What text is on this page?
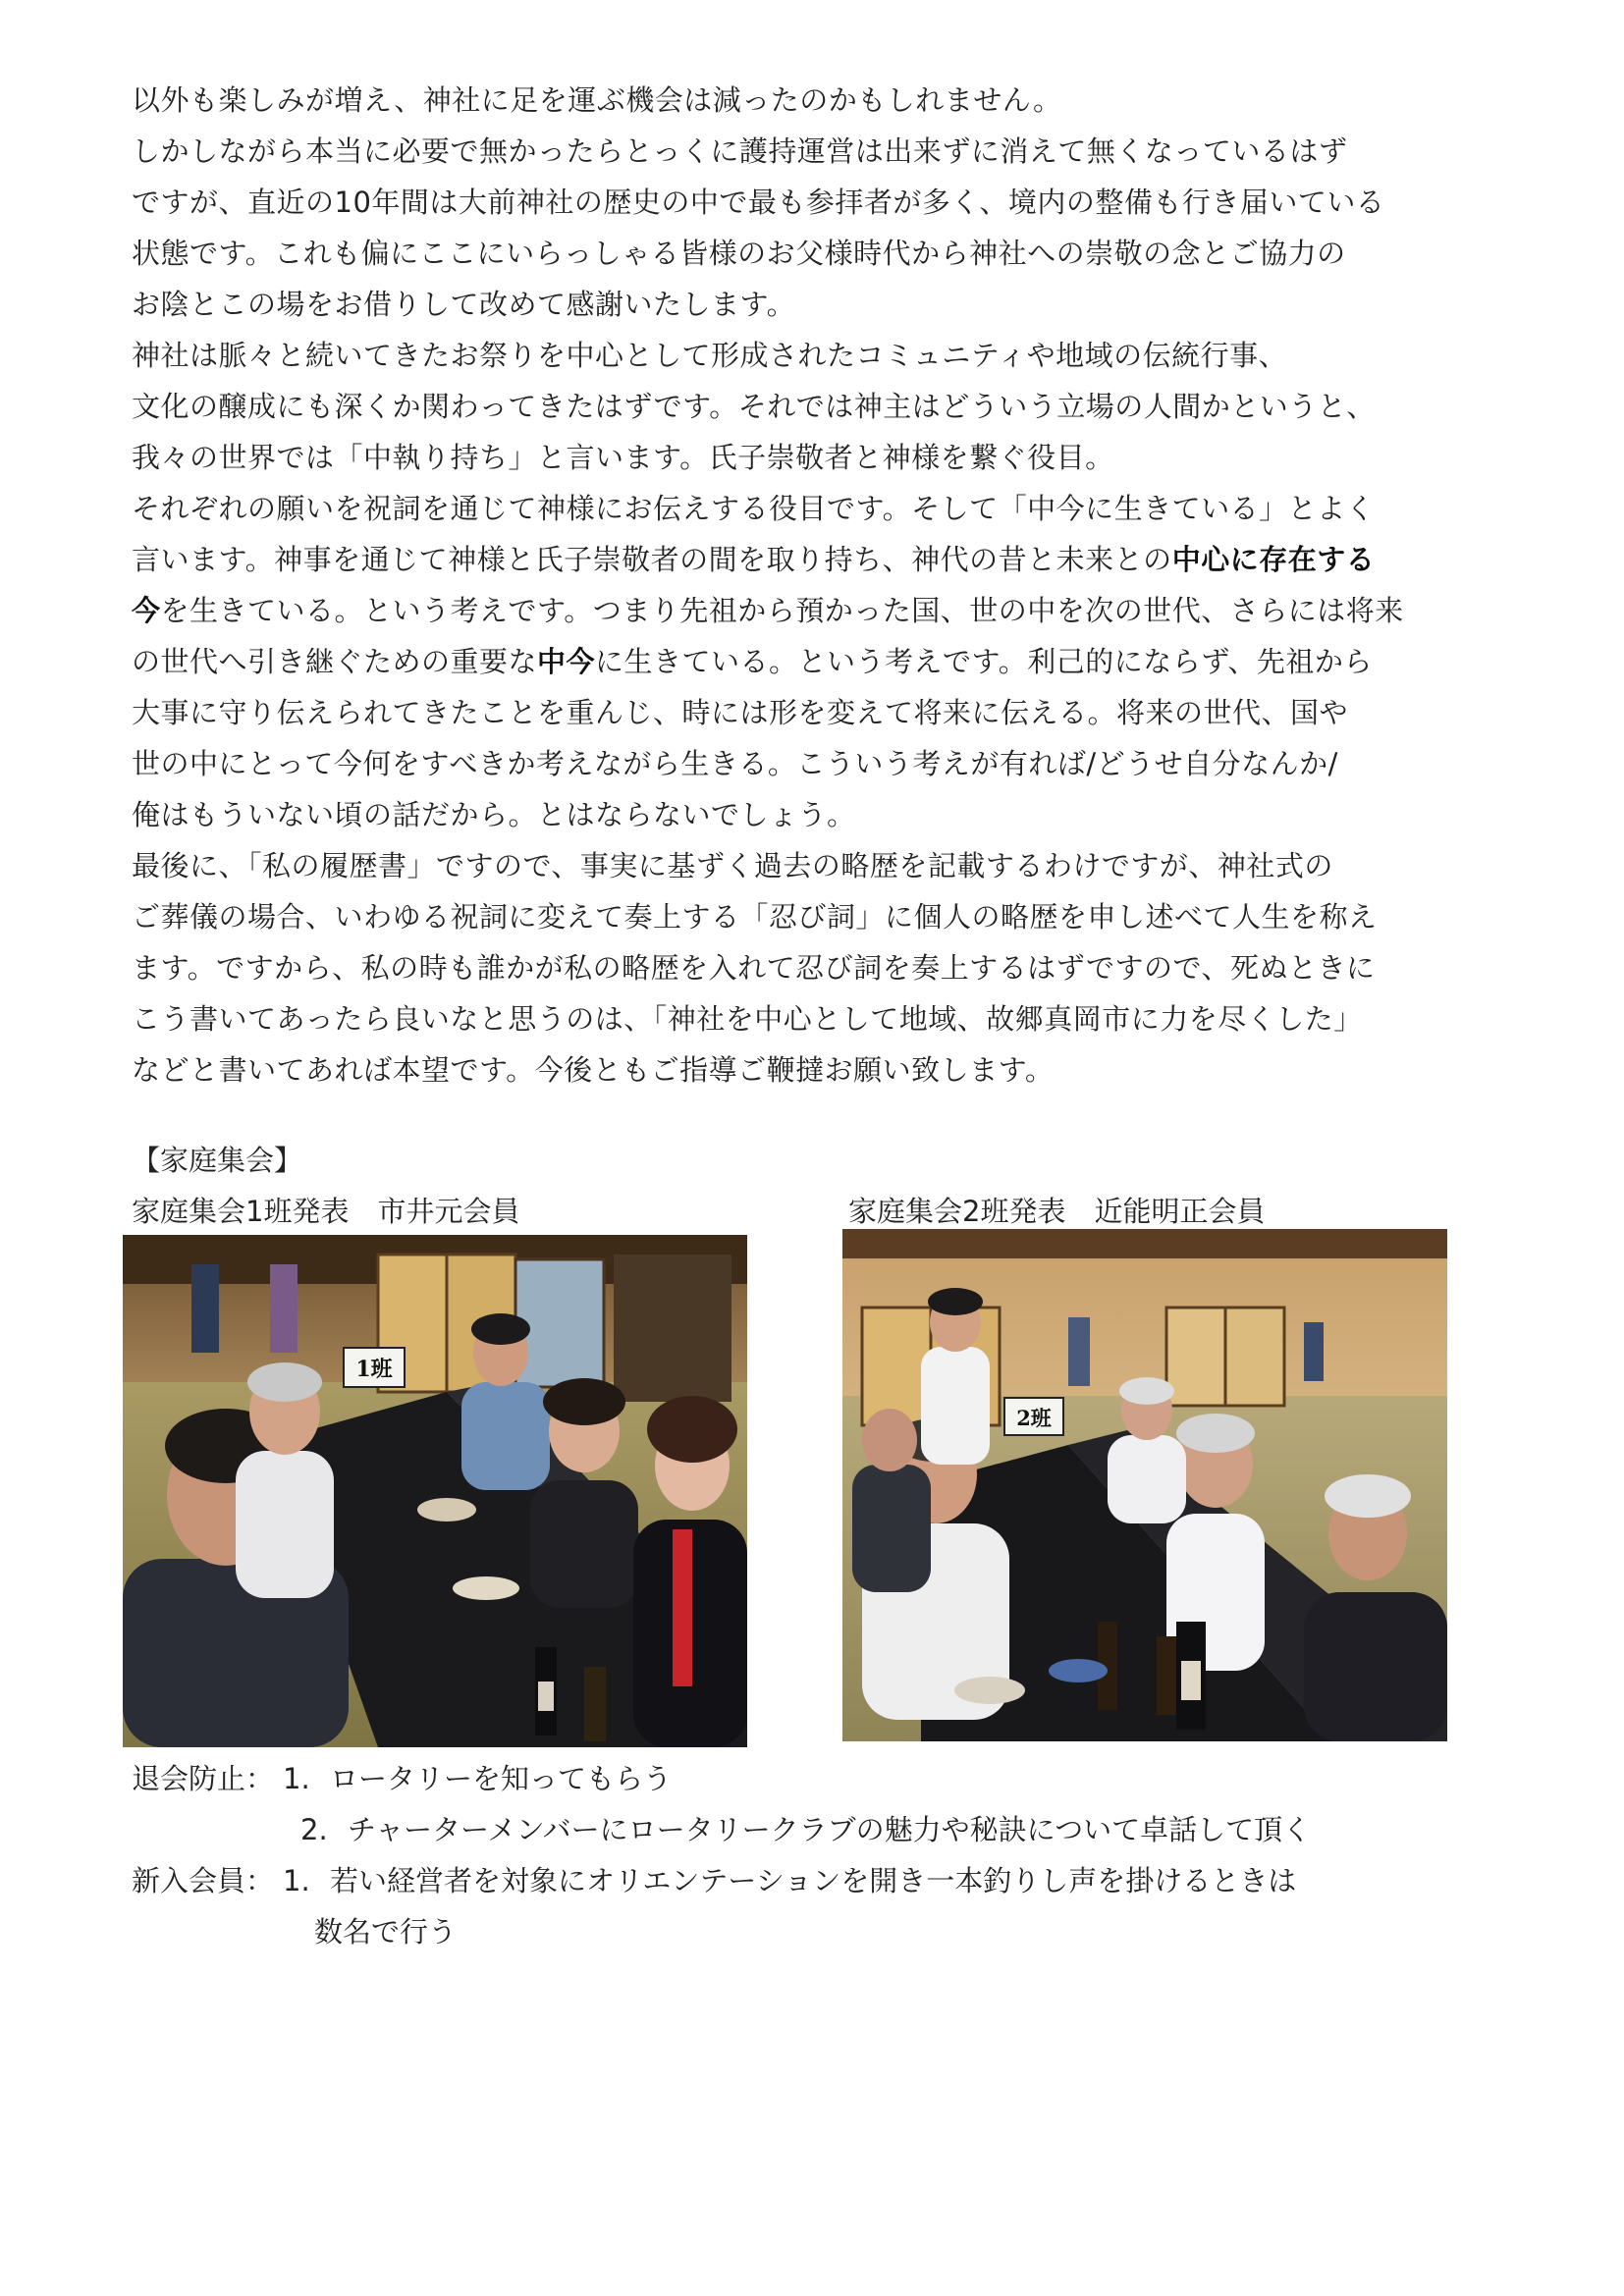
以外も楽しみが増え、神社に足を運ぶ機会は減ったのかもしれません。

しかしながら本当に必要で無かったらとっくに護持運営は出来ずに消えて無くなっているはず

ですが、直近の10年間は大前神社の歴史の中で最も参拝者が多く、境内の整備も行き届いている

状態です。これも偏にここにいらっしゃる皆様のお父様時代から神社への崇敬の念とご協力の

お陰とこの場をお借りして改めて感謝いたします。

神社は脈々と続いてきたお祭りを中心として形成されたコミュニティや地域の伝統行事、

文化の醸成にも深くか関わってきたはずです。それでは神主はどういう立場の人間かというと、

我々の世界では「中執り持ち」と言います。氏子崇敬者と神様を繋ぐ役目。

それぞれの願いを祝詞を通じて神様にお伝えする役目です。そして「中今に生きている」とよく

言います。神事を通じて神様と氏子崇敬者の間を取り持ち、神代の昔と未来との中心に存在する

今を生きている。という考えです。つまり先祖から預かった国、世の中を次の世代、さらには将来

の世代へ引き継ぐための重要な中今に生きている。という考えです。利己的にならず、先祖から

大事に守り伝えられてきたことを重んじ、時には形を変えて将来に伝える。将来の世代、国や

世の中にとって今何をすべきか考えながら生きる。こういう考えが有れば/どうせ自分なんか/

俺はもういない頃の話だから。とはならないでしょう。

最後に、「私の履歴書」ですので、事実に基ずく過去の略歴を記載するわけですが、神社式の

ご葬儀の場合、いわゆる祝詞に変えて奏上する「忍び詞」に個人の略歴を申し述べて人生を称え

ます。ですから、私の時も誰かが私の略歴を入れて忍び詞を奏上するはずですので、死ぬときに

こう書いてあったら良いなと思うのは、「神社を中心として地域、故郷真岡市に力を尽くした」

などと書いてあれば本望です。今後ともご指導ご鞭撻お願い致します。

【家庭集会】

家庭集会1班発表　市井元会員	家庭集会2班発表　近能明正会員

1班
2班
退会防止： 1. ロータリーを知ってもらう
2. チャーターメンバーにロータリークラブの魅力や秘訣について卓話して頂く
新入会員： 1. 若い経営者を対象にオリエンテーションを開き一本釣りし声を掛けるときは
数名で行う
